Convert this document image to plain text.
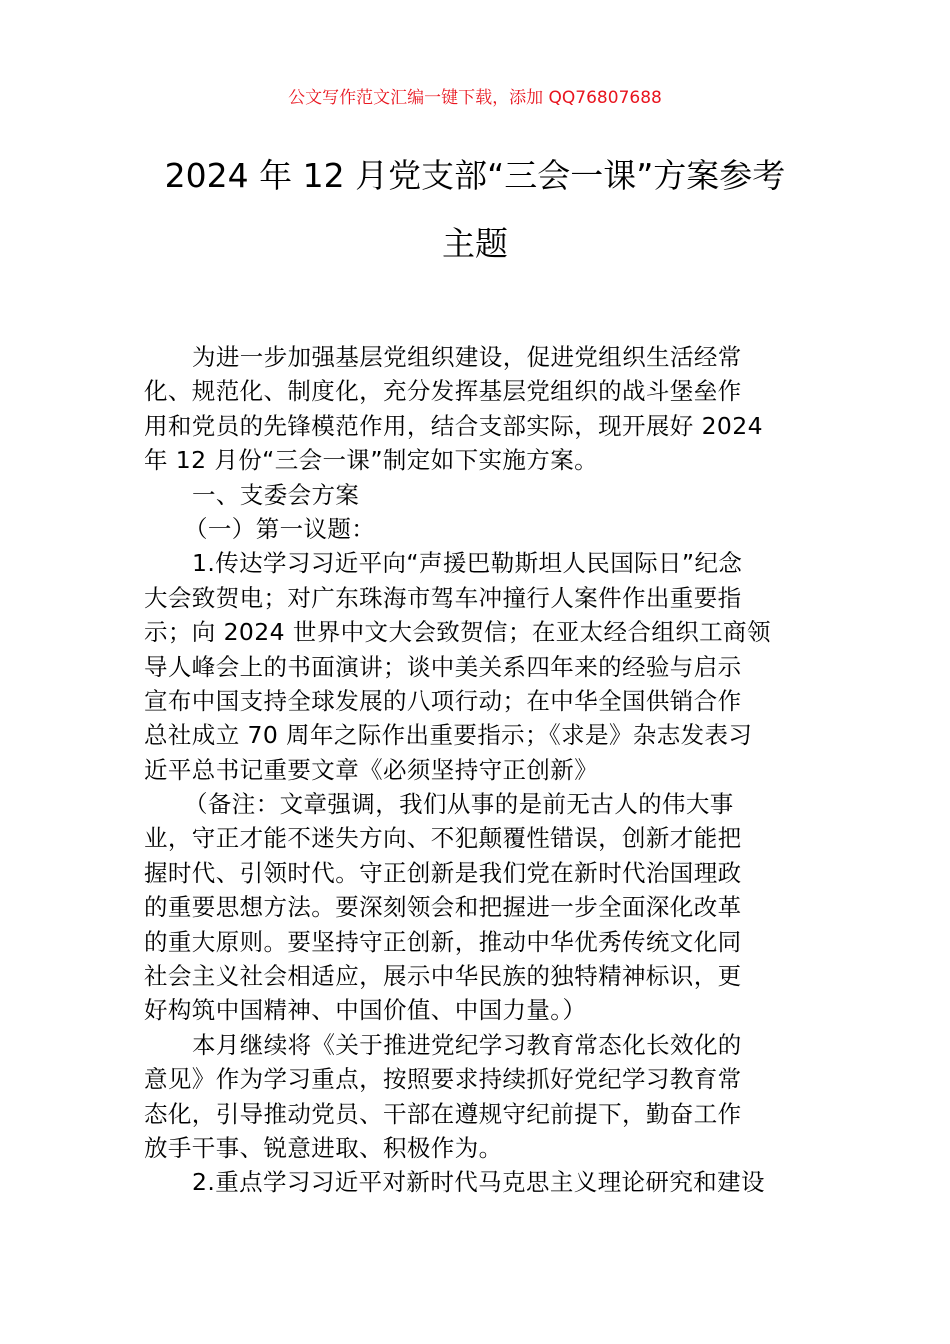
公文写作范文汇编一键下载，添加 QQ76807688
2024 年 12 月党支部“三会一课”方案参考
主题
为进一步加强基层党组织建设，促进党组织生活经常
化、规范化、制度化，充分发挥基层党组织的战斗堡垒作
用和党员的先锋模范作用，结合支部实际，现开展好 2024
年 12 月份“三会一课”制定如下实施方案。
一、支委会方案
（一）第一议题：
1.传达学习习近平向“声援巴勒斯坦人民国际日”纪念
大会致贺电；对广东珠海市驾车冲撞行人案件作出重要指
示；向 2024 世界中文大会致贺信；在亚太经合组织工商领
导人峰会上的书面演讲；谈中美关系四年来的经验与启示
宣布中国支持全球发展的八项行动；在中华全国供销合作
总社成立 70 周年之际作出重要指示；《求是》杂志发表习
近平总书记重要文章《必须坚持守正创新》
（备注：文章强调，我们从事的是前无古人的伟大事
业，守正才能不迷失方向、不犯颠覆性错误，创新才能把
握时代、引领时代。守正创新是我们党在新时代治国理政
的重要思想方法。要深刻领会和把握进一步全面深化改革
的重大原则。要坚持守正创新，推动中华优秀传统文化同
社会主义社会相适应，展示中华民族的独特精神标识，更
好构筑中国精神、中国价值、中国力量。）
本月继续将《关于推进党纪学习教育常态化长效化的
意见》作为学习重点，按照要求持续抓好党纪学习教育常
态化，引导推动党员、干部在遵规守纪前提下，勤奋工作
放手干事、锐意进取、积极作为。
2.重点学习习近平对新时代马克思主义理论研究和建设
